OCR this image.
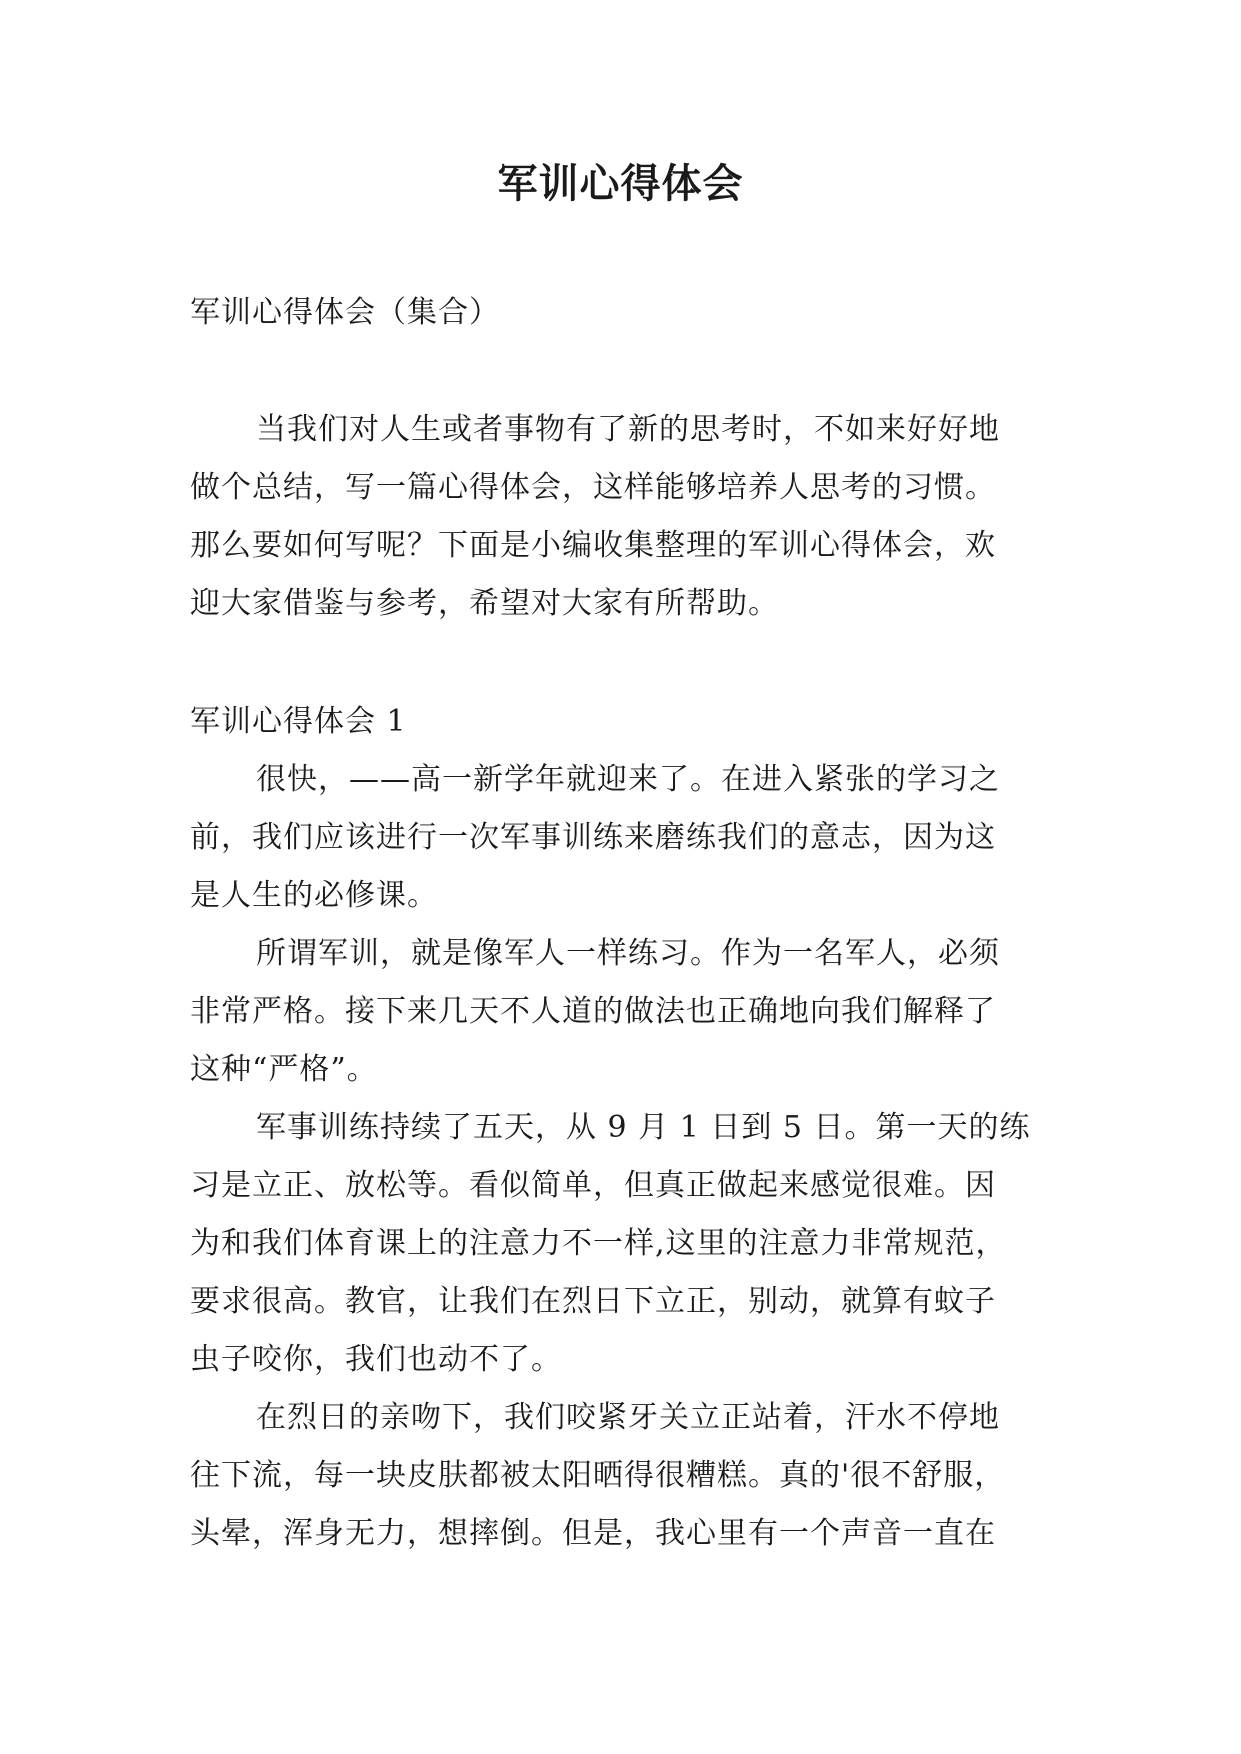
军训心得体会
军训心得体会（集合）
当我们对人生或者事物有了新的思考时，不如来好好地
做个总结，写一篇心得体会，这样能够培养人思考的习惯。
那么要如何写呢？下面是小编收集整理的军训心得体会，欢
迎大家借鉴与参考，希望对大家有所帮助。
军训心得体会 1
很快，——高一新学年就迎来了。在进入紧张的学习之
前，我们应该进行一次军事训练来磨练我们的意志，因为这
是人生的必修课。
所谓军训，就是像军人一样练习。作为一名军人，必须
非常严格。接下来几天不人道的做法也正确地向我们解释了
这种“严格”。
军事训练持续了五天，从 9 月 1 日到 5 日。第一天的练
习是立正、放松等。看似简单，但真正做起来感觉很难。因
为和我们体育课上的注意力不一样,这里的注意力非常规范，
要求很高。教官，让我们在烈日下立正，别动，就算有蚊子
虫子咬你，我们也动不了。
在烈日的亲吻下，我们咬紧牙关立正站着，汗水不停地
往下流，每一块皮肤都被太阳晒得很糟糕。真的'很不舒服，
头晕，浑身无力，想摔倒。但是，我心里有一个声音一直在
